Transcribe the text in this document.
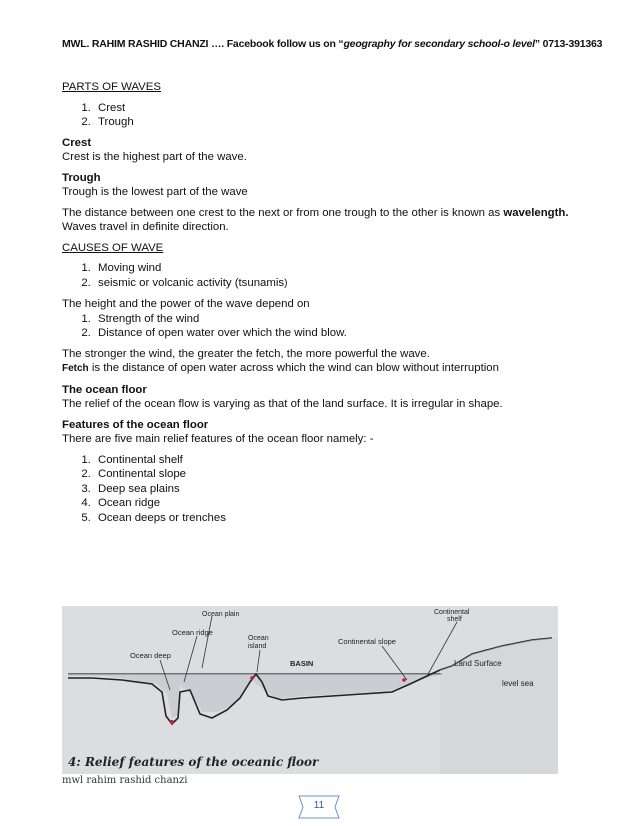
MWL. RAHIM RASHID CHANZI …. Facebook follow us on “geography for secondary school-o level” 0713-391363
PARTS OF WAVES
1. Crest
2. Trough
Crest
Crest is the highest part of the wave.
Trough
Trough is the lowest part of the wave
The distance between one crest to the next or from one trough to the other is known as wavelength.
Waves travel in definite direction.
CAUSES OF WAVE
1. Moving wind
2. seismic or volcanic activity (tsunamis)
The height and the power of the wave depend on
1. Strength of the wind
2. Distance of open water over which the wind blow.
The stronger the wind, the greater the fetch, the more powerful the wave.
Fetch is the distance of open water across which the wind can blow without interruption
The ocean floor
The relief of the ocean flow is varying as that of the land surface. It is irregular in shape.
Features of the ocean floor
There are five main relief features of the ocean floor namely: -
1. Continental shelf
2. Continental slope
3. Deep sea plains
4. Ocean ridge
5. Ocean deeps or trenches
Ocean plain
Ocean ridge
Ocean deep
Ocean
island
BASIN
Continental slope
Continental
shelf
Land Surface
level sea
4: Relief features of the oceanic floor
mwl rahim rashid chanzi
11
